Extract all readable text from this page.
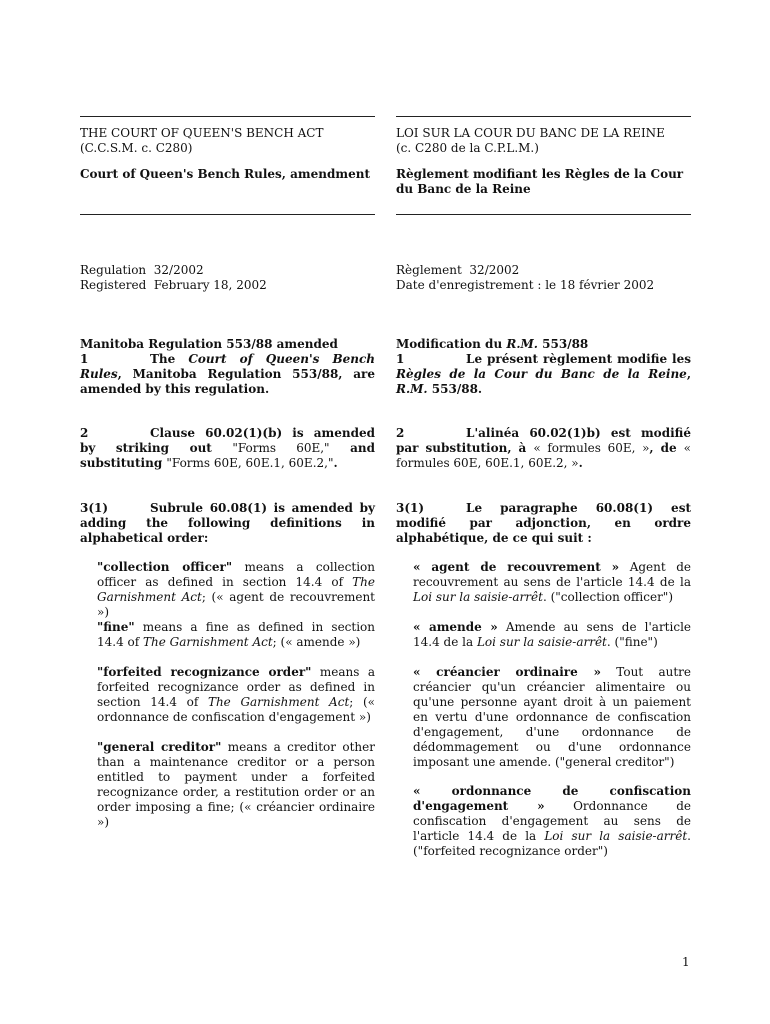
THE COURT OF QUEEN'S BENCH ACT
(C.C.S.M. c. C280)
Court of Queen's Bench Rules, amendment
LOI SUR LA COUR DU BANC DE LA REINE
(c. C280 de la C.P.L.M.)
Règlement modifiant les Règles de la Cour du Banc de la Reine
Regulation  32/2002
Registered  February 18, 2002
Règlement  32/2002
Date d'enregistrement : le 18 février 2002
Manitoba Regulation 553/88 amended
1	The Court of Queen's Bench Rules, Manitoba Regulation 553/88, are amended by this regulation.
Modification du R.M. 553/88
1	Le présent règlement modifie les Règles de la Cour du Banc de la Reine, R.M. 553/88.
2	Clause 60.02(1)(b) is amended by striking out "Forms 60E," and substituting "Forms 60E, 60E.1, 60E.2,".
2	L'alinéa 60.02(1)b) est modifié par substitution, à « formules 60E, », de « formules 60E, 60E.1, 60E.2, ».
3(1)	Subrule 60.08(1) is amended by adding the following definitions in alphabetical order:
3(1)	Le paragraphe 60.08(1) est modifié par adjonction, en ordre alphabétique, de ce qui suit :
"collection officer" means a collection officer as defined in section 14.4 of The Garnishment Act; (« agent de recouvrement »)
"fine" means a fine as defined in section 14.4 of The Garnishment Act; (« amende »)
"forfeited recognizance order" means a forfeited recognizance order as defined in section 14.4 of The Garnishment Act; (« ordonnance de confiscation d'engagement »)
"general creditor" means a creditor other than a maintenance creditor or a person entitled to payment under a forfeited recognizance order, a restitution order or an order imposing a fine; (« créancier ordinaire »)
« agent de recouvrement » Agent de recouvrement au sens de l'article 14.4 de la Loi sur la saisie-arrêt. ("collection officer")
« amende » Amende au sens de l'article 14.4 de la Loi sur la saisie-arrêt. ("fine")
« créancier ordinaire » Tout autre créancier qu'un créancier alimentaire ou qu'une personne ayant droit à un paiement en vertu d'une ordonnance de confiscation d'engagement, d'une ordonnance de dédommagement ou d'une ordonnance imposant une amende. ("general creditor")
« ordonnance de confiscation d'engagement » Ordonnance de confiscation d'engagement au sens de l'article 14.4 de la Loi sur la saisie-arrêt. ("forfeited recognizance order")
1
